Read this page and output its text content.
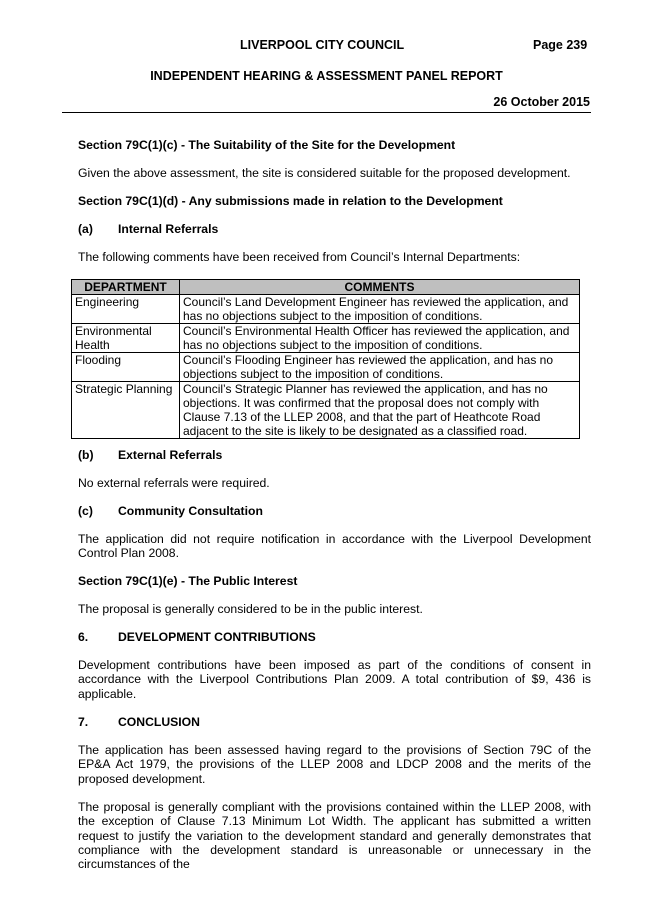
LIVERPOOL CITY COUNCIL	Page 239
INDEPENDENT HEARING & ASSESSMENT PANEL REPORT
26 October 2015

Section 79C(1)(c) - The Suitability of the Site for the Development

Given the above assessment, the site is considered suitable for the proposed development.

Section 79C(1)(d) - Any submissions made in relation to the Development

(a) Internal Referrals

The following comments have been received from Council’s Internal Departments:

DEPARTMENT	COMMENTS
Engineering	Council’s Land Development Engineer has reviewed the application, and has no objections subject to the imposition of conditions.
Environmental Health	Council’s Environmental Health Officer has reviewed the application, and has no objections subject to the imposition of conditions.
Flooding	Council’s Flooding Engineer has reviewed the application, and has no objections subject to the imposition of conditions.
Strategic Planning	Council’s Strategic Planner has reviewed the application, and has no objections. It was confirmed that the proposal does not comply with Clause 7.13 of the LLEP 2008, and that the part of Heathcote Road adjacent to the site is likely to be designated as a classified road.

(b) External Referrals

No external referrals were required.

(c) Community Consultation

The application did not require notification in accordance with the Liverpool Development Control Plan 2008.

Section 79C(1)(e) - The Public Interest

The proposal is generally considered to be in the public interest.

6. DEVELOPMENT CONTRIBUTIONS

Development contributions have been imposed as part of the conditions of consent in accordance with the Liverpool Contributions Plan 2009. A total contribution of $9, 436 is applicable.

7. CONCLUSION

The application has been assessed having regard to the provisions of Section 79C of the EP&A Act 1979, the provisions of the LLEP 2008 and LDCP 2008 and the merits of the proposed development.

The proposal is generally compliant with the provisions contained within the LLEP 2008, with the exception of Clause 7.13 Minimum Lot Width. The applicant has submitted a written request to justify the variation to the development standard and generally demonstrates that compliance with the development standard is unreasonable or unnecessary in the circumstances of the
